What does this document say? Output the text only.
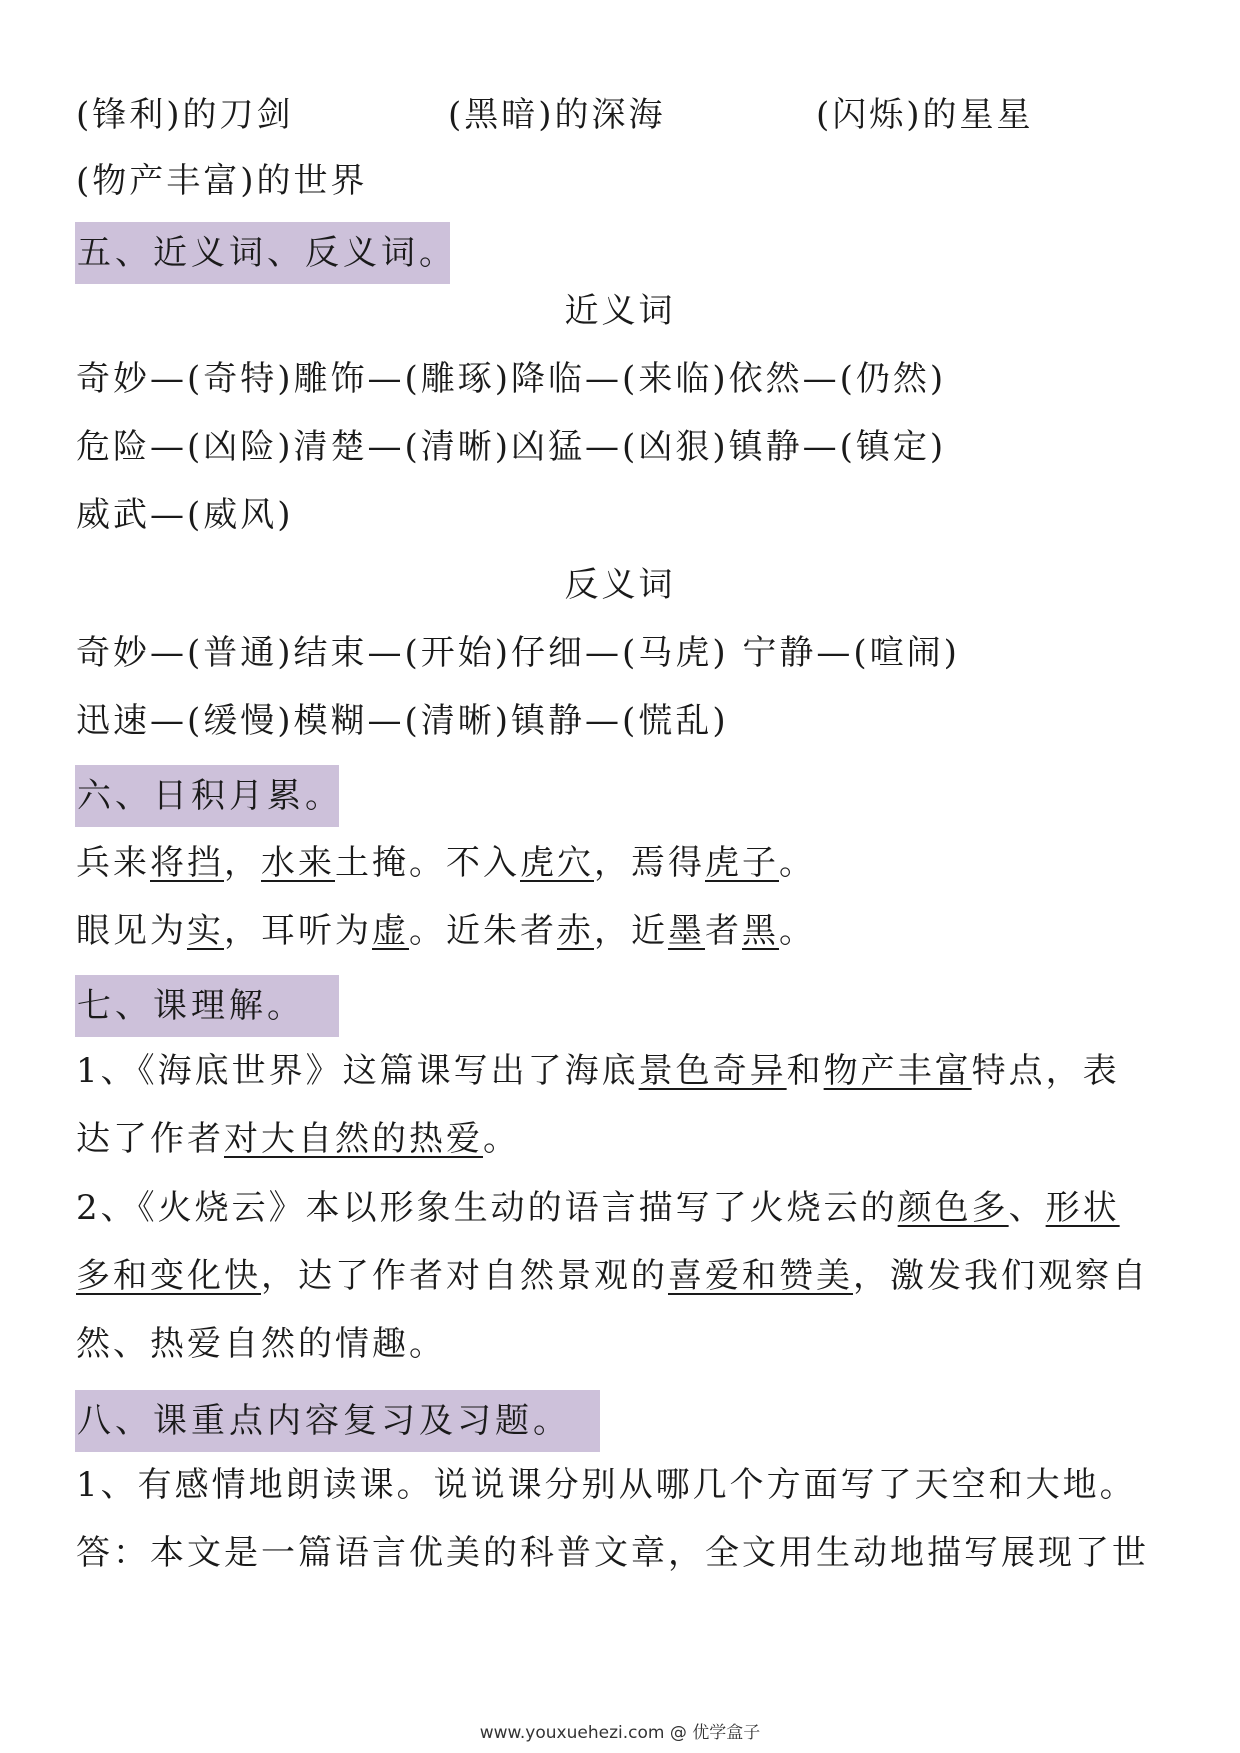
(锋利)的刀剑	(黑暗)的深海	(闪烁)的星星
(物产丰富)的世界
五、近义词、反义词。
近义词
奇妙—(奇特)雕饰—(雕琢)降临—(来临)依然—(仍然)
危险—(凶险)清楚—(清晰)凶猛—(凶狠)镇静—(镇定)
威武—(威风)
反义词
奇妙—(普通)结束—(开始)仔细—(马虎) 宁静—(喧闹)
迅速—(缓慢)模糊—(清晰)镇静—(慌乱)
六、日积月累。
兵来将挡，水来土掩。不入虎穴，焉得虎子。
眼见为实，耳听为虚。近朱者赤，近墨者黑。
七、课理解。
1、《海底世界》这篇课写出了海底景色奇异和物产丰富特点，表
达了作者对大自然的热爱。
2、《火烧云》本以形象生动的语言描写了火烧云的颜色多、形状
多和变化快，达了作者对自然景观的喜爱和赞美，激发我们观察自
然、热爱自然的情趣。
八、课重点内容复习及习题。
1、有感情地朗读课。说说课分别从哪几个方面写了天空和大地。
答：本文是一篇语言优美的科普文章，全文用生动地描写展现了世
www.youxuehezi.com @ 优学盒子
